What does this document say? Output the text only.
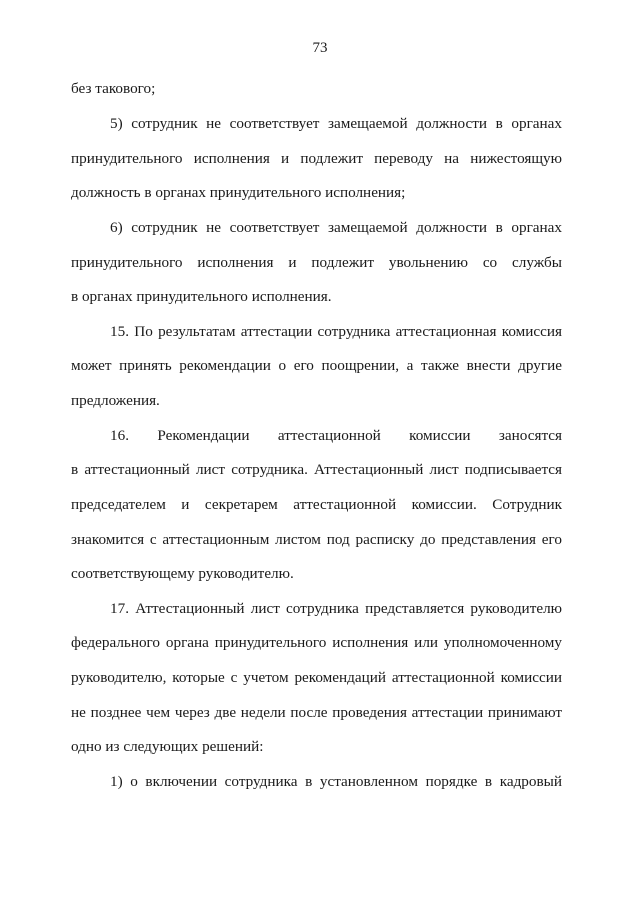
73
без такового;
5) сотрудник не соответствует замещаемой должности в органах
принудительного исполнения и подлежит переводу на нижестоящую
должность в органах принудительного исполнения;
6) сотрудник не соответствует замещаемой должности в органах
принудительного исполнения и подлежит увольнению со службы
в органах принудительного исполнения.
15. По результатам аттестации сотрудника аттестационная комиссия
может принять рекомендации о его поощрении, а также внести другие
предложения.
16. Рекомендации аттестационной комиссии заносятся
в аттестационный лист сотрудника. Аттестационный лист подписывается
председателем и секретарем аттестационной комиссии. Сотрудник
знакомится с аттестационным листом под расписку до представления его
соответствующему руководителю.
17. Аттестационный лист сотрудника представляется руководителю
федерального органа принудительного исполнения или уполномоченному
руководителю, которые с учетом рекомендаций аттестационной комиссии
не позднее чем через две недели после проведения аттестации принимают
одно из следующих решений:
1) о включении сотрудника в установленном порядке в кадровый
